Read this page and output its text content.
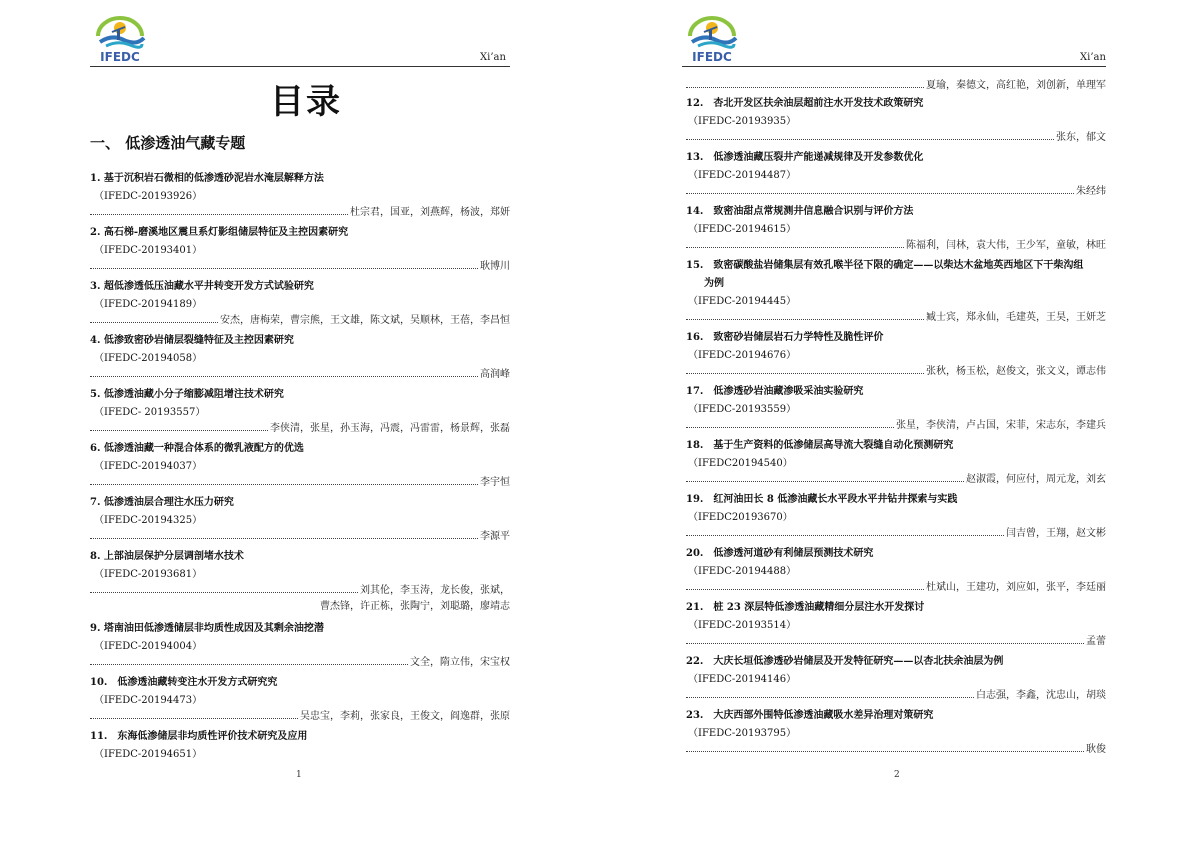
IFEDC	Xi’an
目录
一、 低渗透油气藏专题
1. 基于沉积岩石微相的低渗透砂泥岩水淹层解释方法
（IFEDC-20193926）
杜宗君，国亚，刘燕辉，杨波，郑妍
2. 高石梯-磨溪地区震旦系灯影组储层特征及主控因素研究
（IFEDC-20193401）
耿博川
3. 超低渗透低压油藏水平井转变开发方式试验研究
（IFEDC-20194189）
安杰，唐梅荣，曹宗熊，王文雄，陈文斌，吴顺林，王蓓，李昌恒
4. 低渗致密砂岩储层裂缝特征及主控因素研究
（IFEDC-20194058）
高润峰
5. 低渗透油藏小分子缩膨减阻增注技术研究
（IFEDC- 20193557）
李侠清，张星，孙玉海，冯震，冯雷雷，杨景辉，张磊
6. 低渗透油藏一种混合体系的微乳液配方的优选
（IFEDC-20194037）
李宇恒
7. 低渗透油层合理注水压力研究
（IFEDC-20194325）
李源平
8. 上部油层保护分层调剖堵水技术
（IFEDC-20193681）
刘其伦，李玉涛，龙长俊，张斌，
曹杰锋，许正栋，张陶宁，刘聪璐，廖靖志
9. 塔南油田低渗透储层非均质性成因及其剩余油挖潜
（IFEDC-20194004）
文全，隋立伟，宋宝权
10.　低渗透油藏转变注水开发方式研究究
（IFEDC-20194473）
吴忠宝，李莉，张家良，王俊文，阎逸群，张原
11.　东海低渗储层非均质性评价技术研究及应用
（IFEDC-20194651）
1
IFEDC	Xi’an
夏瑜，秦德文，高红艳，刘创新，单理军
12.　杏北开发区扶余油层超前注水开发技术政策研究
（IFEDC-20193935）
张东，郁文
13.　低渗透油藏压裂井产能递减规律及开发参数优化
（IFEDC-20194487）
朱经纬
14.　致密油甜点常规测井信息融合识别与评价方法
（IFEDC-20194615）
陈福利，闫林，袁大伟，王少军，童敏，林旺
15.　致密碳酸盐岩储集层有效孔喉半径下限的确定——以柴达木盆地英西地区下干柴沟组
为例
（IFEDC-20194445）
臧士宾，郑永仙，毛建英，王昊，王妍芝
16.　致密砂岩储层岩石力学特性及脆性评价
（IFEDC-20194676）
张秋，杨玉松，赵俊文，张文义，谭志伟
17.　低渗透砂岩油藏渗吸采油实验研究
（IFEDC-20193559）
张星，李侠清，卢占国，宋菲，宋志东，李建兵
18.　基于生产资料的低渗储层高导流大裂缝自动化预测研究
（IFEDC20194540）
赵淑霞，何应付，周元龙，刘玄
19.　红河油田长 8 低渗油藏长水平段水平井钻井探索与实践
（IFEDC20193670）
闫吉曾，王翔，赵文彬
20.　低渗透河道砂有利储层预测技术研究
（IFEDC-20194488）
杜斌山，王建功，刘应如，张平，李廷丽
21.　桩 23 深层特低渗透油藏精细分层注水开发探讨
（IFEDC-20193514）
孟蕾
22.　大庆长垣低渗透砂岩储层及开发特征研究——以杏北扶余油层为例
（IFEDC-20194146）
白志强，李鑫，沈忠山，胡琰
23.　大庆西部外围特低渗透油藏吸水差异治理对策研究
（IFEDC-20193795）
耿俊
2
